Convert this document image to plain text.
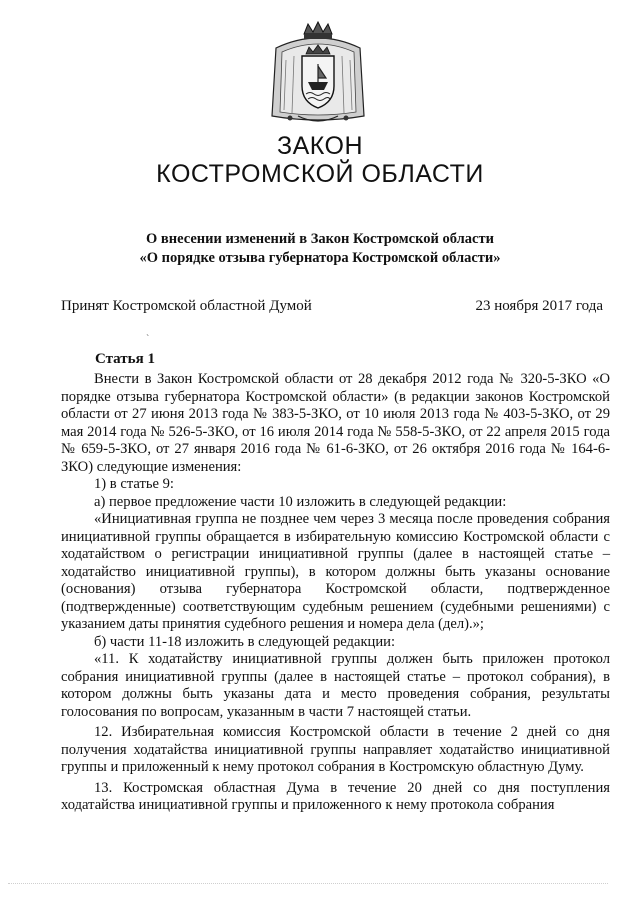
ЗАКОН
КОСТРОМСКОЙ ОБЛАСТИ
О внесении изменений в Закон Костромской области
«О порядке отзыва губернатора Костромской области»
Принят Костромской областной Думой	23 ноября 2017 года
ˋ
Статья 1

Внести в Закон Костромской области от 28 декабря 2012 года № 320-5-ЗКО «О порядке отзыва губернатора Костромской области» (в редакции законов Костромской области от 27 июня 2013 года № 383-5-ЗКО, от 10 июля 2013 года № 403-5-ЗКО, от 29 мая 2014 года № 526-5-ЗКО, от 16 июля 2014 года № 558-5-ЗКО, от 22 апреля 2015 года № 659-5-ЗКО, от 27 января 2016 года № 61-6-ЗКО, от 26 октября 2016 года № 164-6-ЗКО) следующие изменения:

1) в статье 9:

а) первое предложение части 10 изложить в следующей редакции:

«Инициативная группа не позднее чем через 3 месяца после проведения собрания инициативной группы обращается в избирательную комиссию Костромской области с ходатайством о регистрации инициативной группы (далее в настоящей статье – ходатайство инициативной группы), в котором должны быть указаны основание (основания) отзыва губернатора Костромской области, подтвержденное (подтвержденные) соответствующим судебным решением (судебными решениями) с указанием даты принятия судебного решения и номера дела (дел).»;

б) части 11-18 изложить в следующей редакции:

«11. К ходатайству инициативной группы должен быть приложен протокол собрания инициативной группы (далее в настоящей статье – протокол собрания), в котором должны быть указаны дата и место проведения собрания, результаты голосования по вопросам, указанным в части 7 настоящей статьи.

12. Избирательная комиссия Костромской области в течение 2 дней со дня получения ходатайства инициативной группы направляет ходатайство инициативной группы и приложенный к нему протокол собрания в Костромскую областную Думу.

13. Костромская областная Дума в течение 20 дней со дня поступления ходатайства инициативной группы и приложенного к нему протокола собрания
